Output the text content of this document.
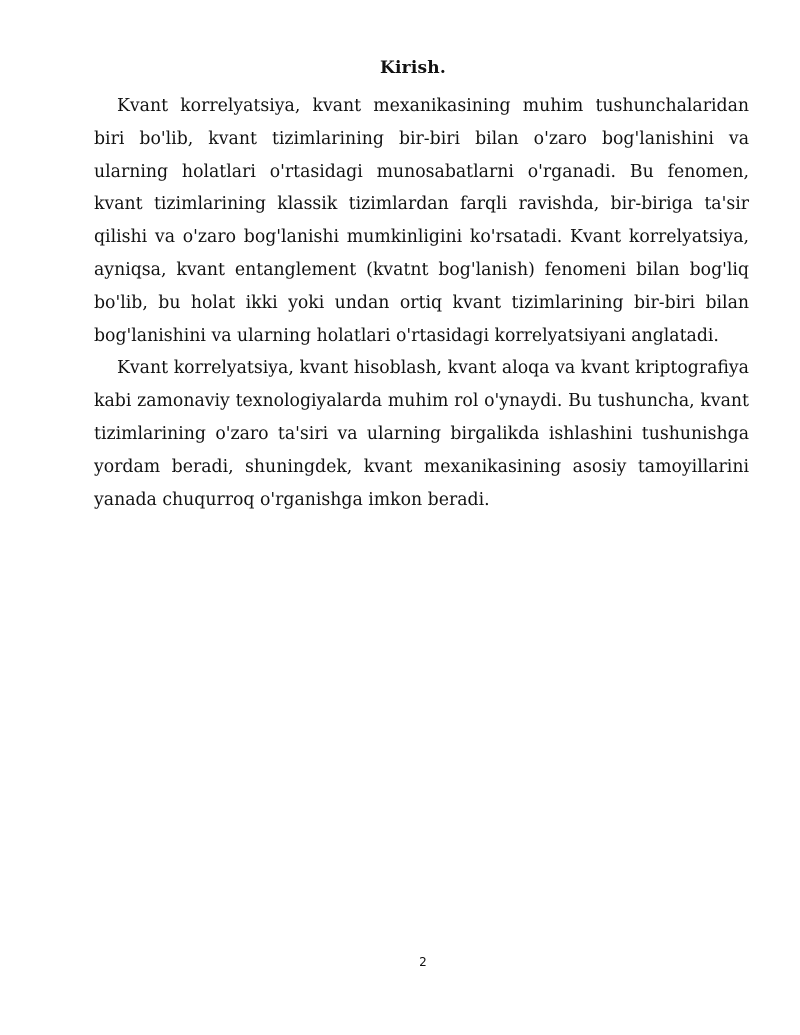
Kirish.

Kvant korrelyatsiya, kvant mexanikasining muhim tushunchalaridan biri bo'lib, kvant tizimlarining bir-biri bilan o'zaro bog'lanishini va ularning holatlari o'rtasidagi munosabatlarni o'rganadi. Bu fenomen, kvant tizimlarining klassik tizimlardan farqli ravishda, bir-biriga ta'sir qilishi va o'zaro bog'lanishi mumkinligini ko'rsatadi. Kvant korrelyatsiya, ayniqsa, kvant entanglement (kvatnt bog'lanish) fenomeni bilan bog'liq bo'lib, bu holat ikki yoki undan ortiq kvant tizimlarining bir-biri bilan bog'lanishini va ularning holatlari o'rtasidagi korrelyatsiyani anglatadi.

Kvant korrelyatsiya, kvant hisoblash, kvant aloqa va kvant kriptografiya kabi zamonaviy texnologiyalarda muhim rol o'ynaydi. Bu tushuncha, kvant tizimlarining o'zaro ta'siri va ularning birgalikda ishlashini tushunishga yordam beradi, shuningdek, kvant mexanikasining asosiy tamoyillarini yanada chuqurroq o'rganishga imkon beradi.

2
